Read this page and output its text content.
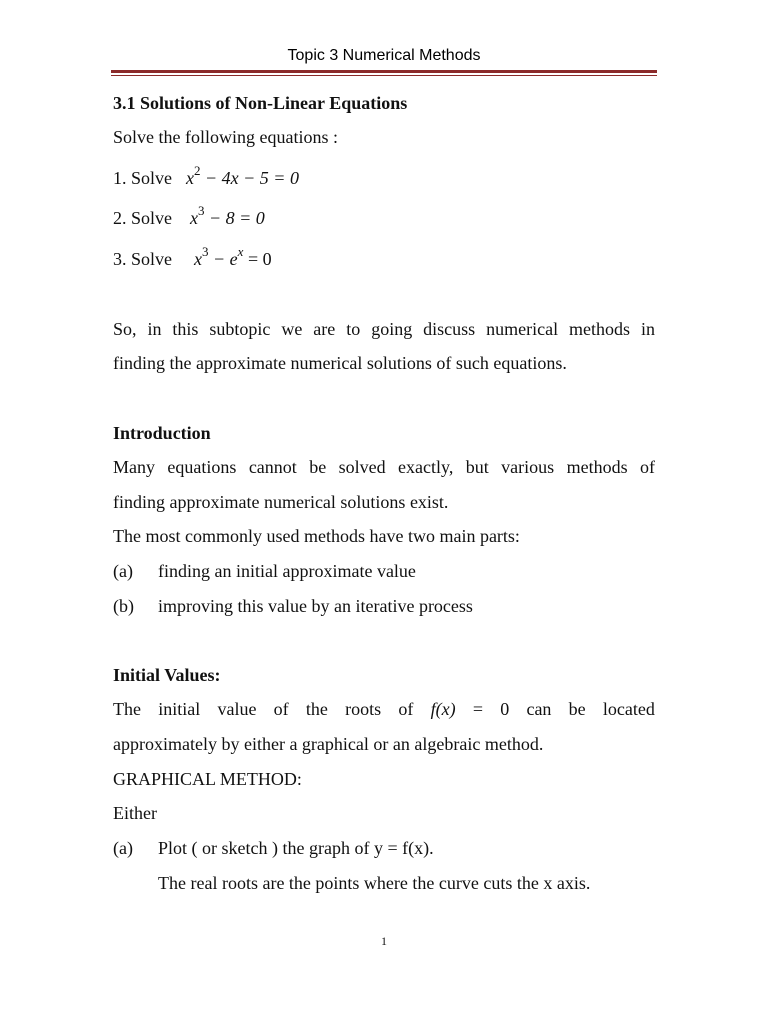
Topic 3 Numerical Methods
3.1 Solutions of Non-Linear Equations
Solve the following equations :
1. Solve $x^2 - 4x - 5 = 0$
2. Solve $x^3 - 8 = 0$
3. Solve $x^3 - e^x = 0$
So, in this subtopic we are to going discuss numerical methods in
finding the approximate numerical solutions of such equations.
Introduction
Many equations cannot be solved exactly, but various methods of
finding approximate numerical solutions exist.
The most commonly used methods have two main parts:
(a) finding an initial approximate value
(b) improving this value by an iterative process
Initial Values:
The initial value of the roots of f(x) = 0 can be located
approximately by either a graphical or an algebraic method.
GRAPHICAL METHOD:
Either
(a) Plot ( or sketch ) the graph of y = f(x).
The real roots are the points where the curve cuts the x axis.
1
